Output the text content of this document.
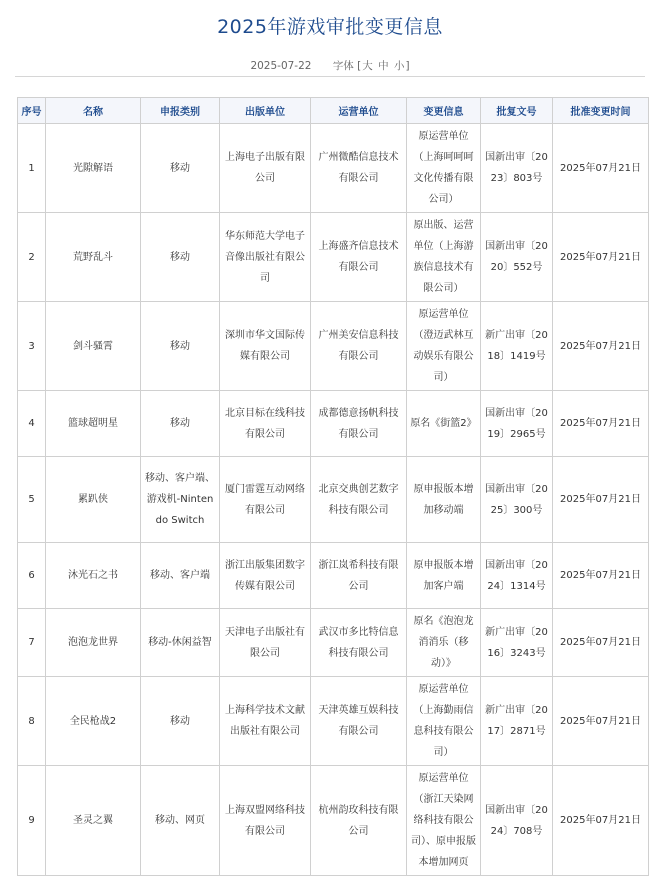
2025年游戏审批变更信息
2025-07-22 字体 [大 中 小]
序号	名称	申报类别	出版单位	运营单位	变更信息	批复文号	批准变更时间
1	光隙解语	移动	上海电子出版有限公司	广州微酷信息技术有限公司	原运营单位（上海呵呵呵文化传播有限公司）	国新出审〔2023〕803号	2025年07月21日
2	荒野乱斗	移动	华东师范大学电子音像出版社有限公司	上海盛齐信息技术有限公司	原出版、运营单位（上海游族信息技术有限公司）	国新出审〔2020〕552号	2025年07月21日
3	剑斗骚霄	移动	深圳市华文国际传媒有限公司	广州美安信息科技有限公司	原运营单位（澄迈武林互动娱乐有限公司）	新广出审〔2018〕1419号	2025年07月21日
4	篮球超明星	移动	北京目标在线科技有限公司	成都德意扬帆科技有限公司	原名《街篮2》	国新出审〔2019〕2965号	2025年07月21日
5	累趴侠	移动、客户端、游戏机-Nintendo Switch	厦门雷霆互动网络有限公司	北京交典创艺数字科技有限公司	原申报版本增加移动端	国新出审〔2025〕300号	2025年07月21日
6	沐光石之书	移动、客户端	浙江出版集团数字传媒有限公司	浙江岚希科技有限公司	原申报版本增加客户端	国新出审〔2024〕1314号	2025年07月21日
7	泡泡龙世界	移动-休闲益智	天津电子出版社有限公司	武汉市多比特信息科技有限公司	原名《泡泡龙消消乐（移动）》	新广出审〔2016〕3243号	2025年07月21日
8	全民枪战2	移动	上海科学技术文献出版社有限公司	天津英雄互娱科技有限公司	原运营单位（上海勤雨信息科技有限公司）	新广出审〔2017〕2871号	2025年07月21日
9	圣灵之翼	移动、网页	上海双盟网络科技有限公司	杭州韵玫科技有限公司	原运营单位（浙江天染网络科技有限公司）、原申报版本增加网页	国新出审〔2024〕708号	2025年07月21日
